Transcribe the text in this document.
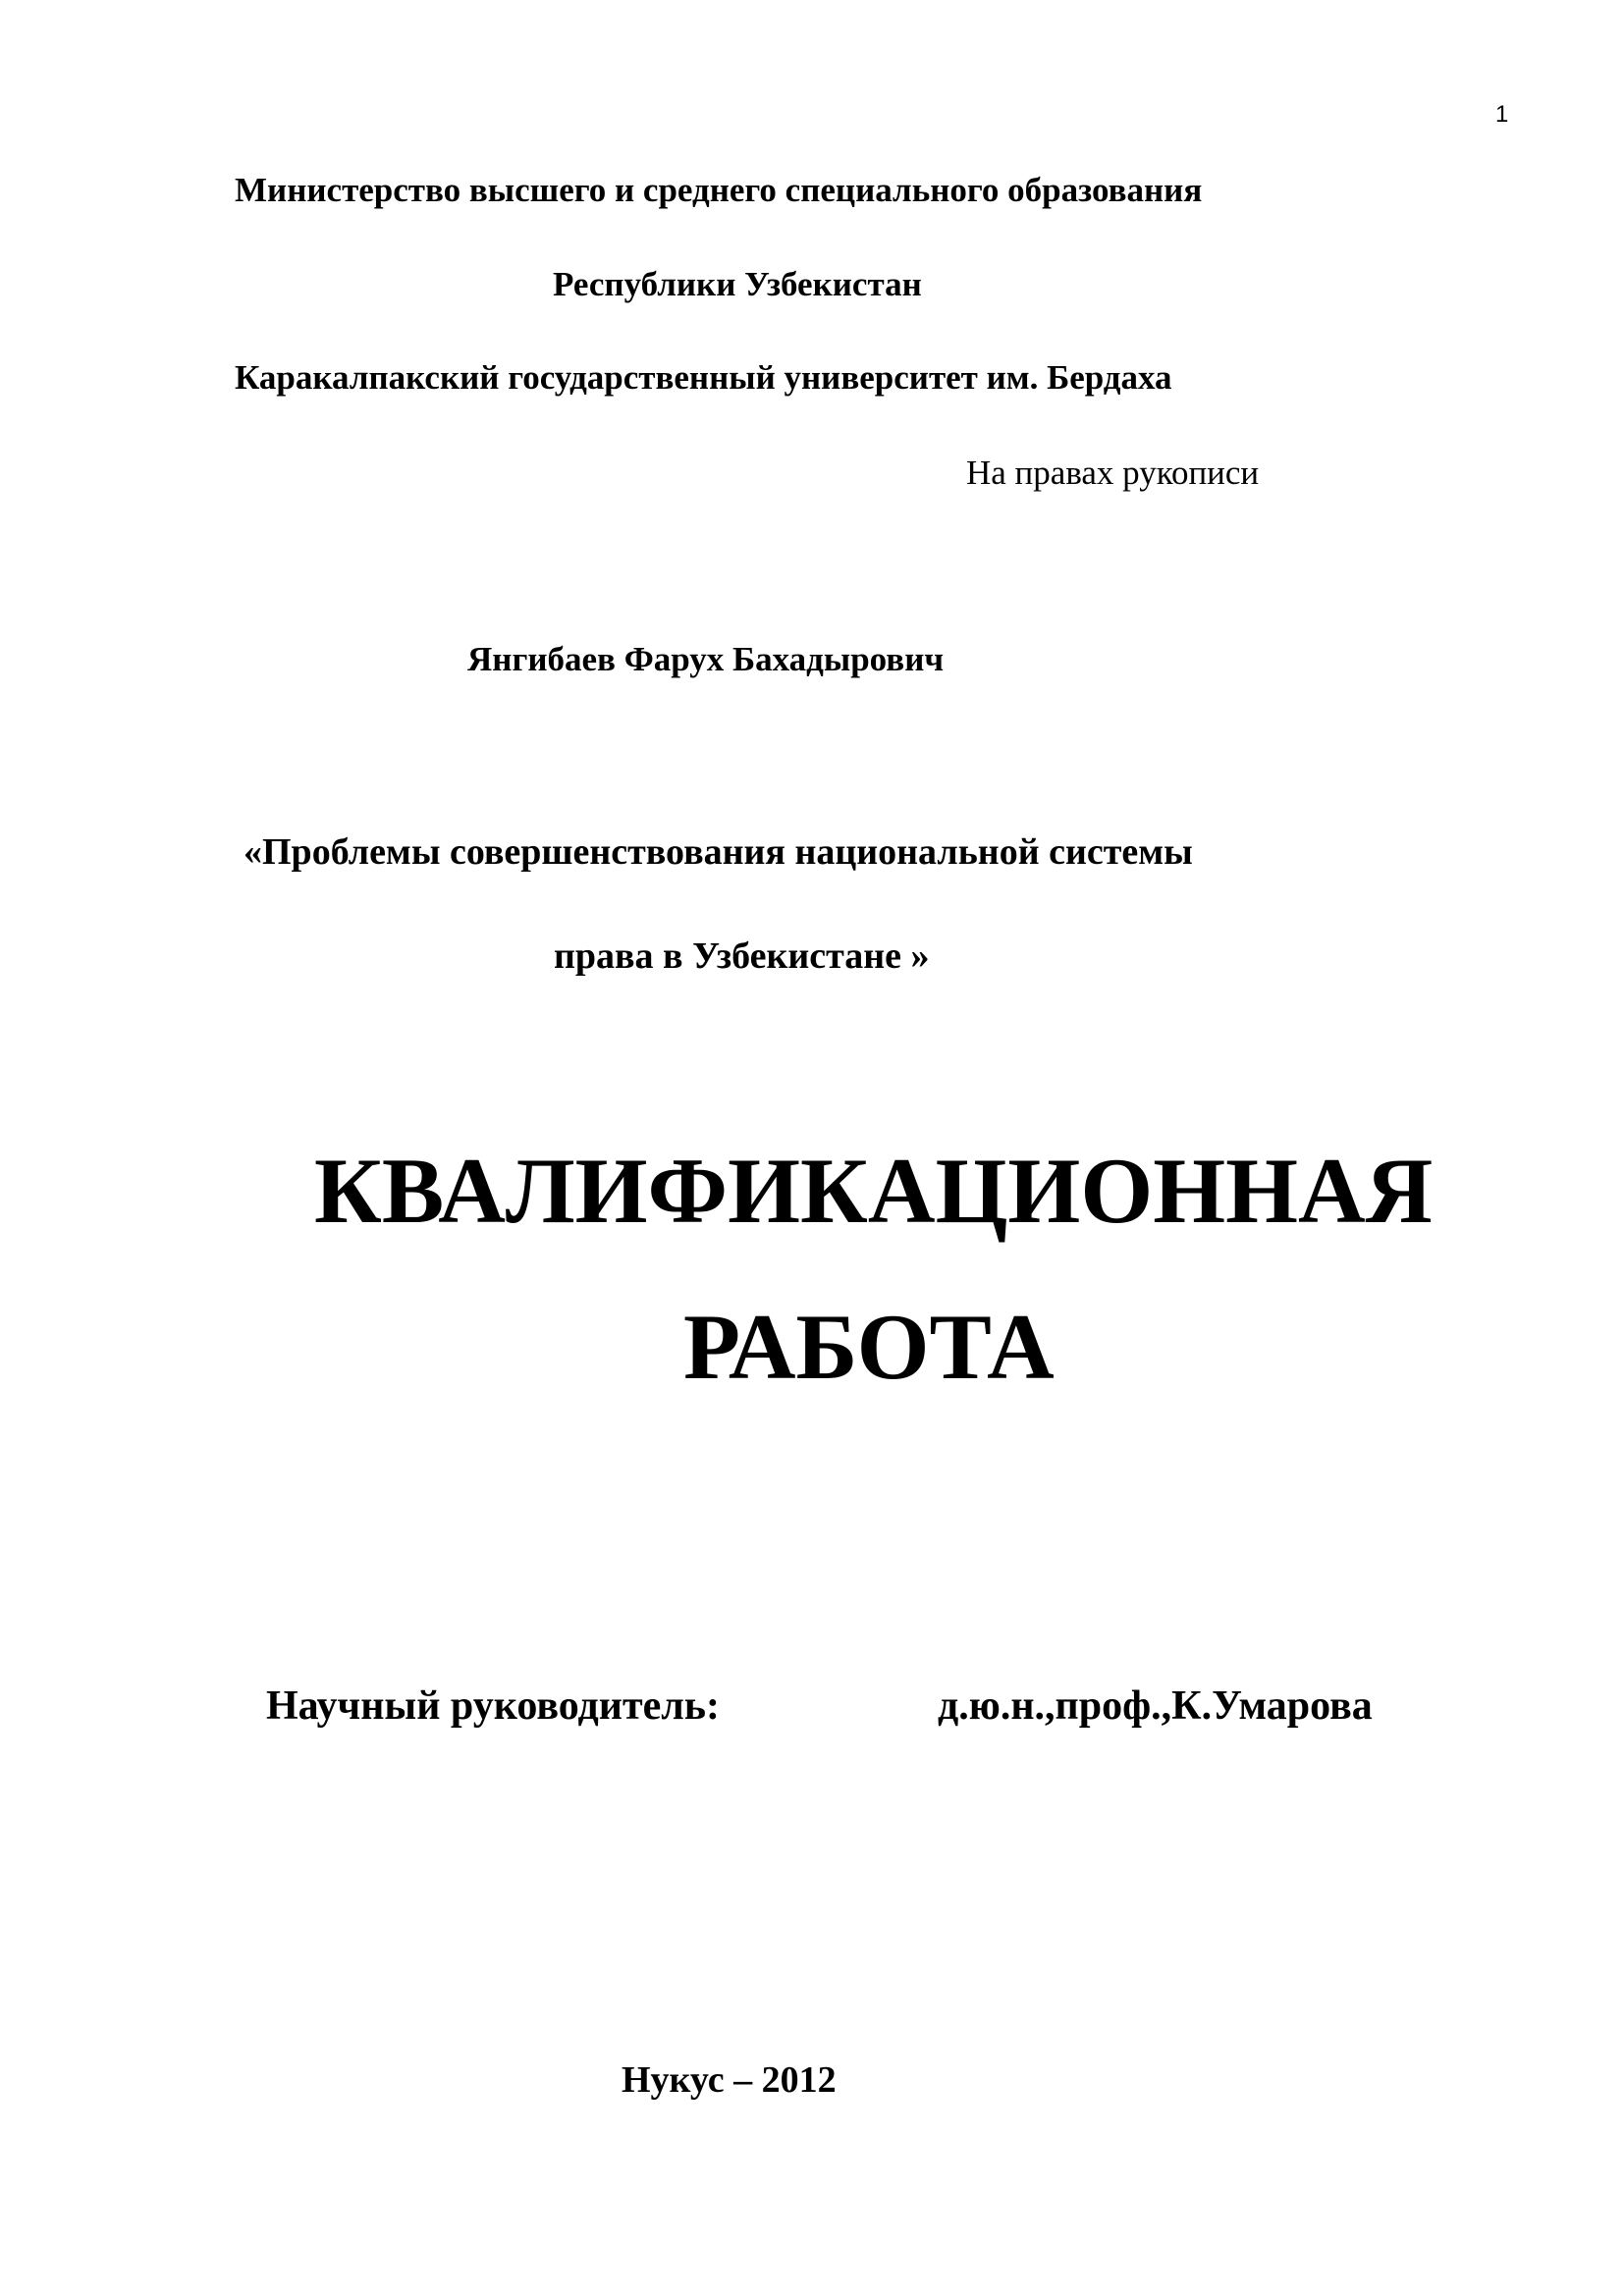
1
Министерство высшего и среднего специального образования
Республики Узбекистан
Каракалпакский государственный университет им. Бердаха
На правах рукописи
Янгибаев Фарух Бахадырович
«Проблемы совершенствования национальной системы
права в Узбекистане »
КВАЛИФИКАЦИОННАЯ
РАБОТА
Научный руководитель:	д.ю.н.,проф.,К.Умарова
Нукус – 2012
